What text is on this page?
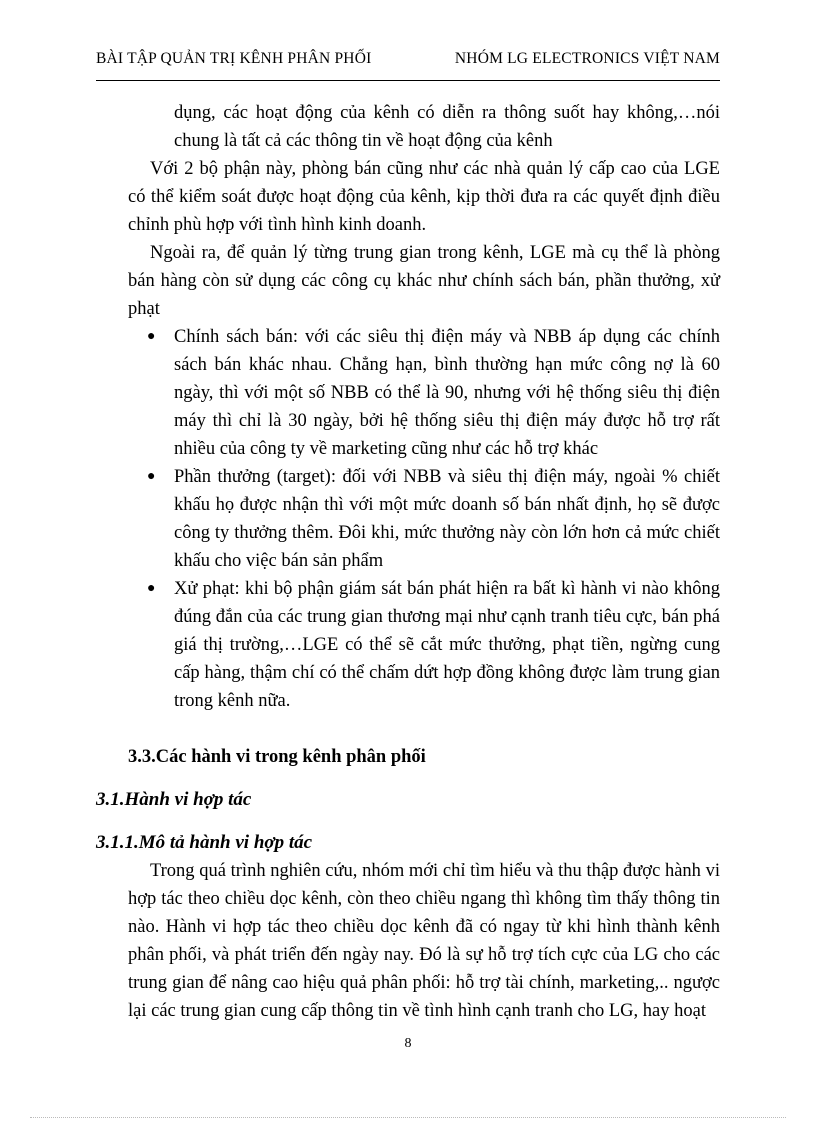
BÀI TẬP QUẢN TRỊ KÊNH PHÂN PHỐI	NHÓM LG ELECTRONICS VIỆT NAM

dụng, các hoạt động của kênh có diễn ra thông suốt hay không,…nói chung là tất cả các thông tin về hoạt động của kênh

Với 2 bộ phận này, phòng bán cũng như các nhà quản lý cấp cao của LGE có thể kiểm soát được hoạt động của kênh, kịp thời đưa ra các quyết định điều chỉnh phù hợp với tình hình kinh doanh.

Ngoài ra, để quản lý từng trung gian trong kênh, LGE mà cụ thể là phòng bán hàng còn sử dụng các công cụ khác như chính sách bán, phần thưởng, xử phạt

● Chính sách bán: với các siêu thị điện máy và NBB áp dụng các chính sách bán khác nhau. Chẳng hạn, bình thường hạn mức công nợ là 60 ngày, thì với một số NBB có thể là 90, nhưng với hệ thống siêu thị điện máy thì chỉ là 30 ngày, bởi hệ thống siêu thị điện máy được hỗ trợ rất nhiều của công ty về marketing cũng như các hỗ trợ khác
● Phần thưởng (target): đối với NBB và siêu thị điện máy, ngoài % chiết khấu họ được nhận thì với một mức doanh số bán nhất định, họ sẽ được công ty thưởng thêm. Đôi khi, mức thưởng này còn lớn hơn cả mức chiết khấu cho việc bán sản phẩm
● Xử phạt: khi bộ phận giám sát bán phát hiện ra bất kì hành vi nào không đúng đắn của các trung gian thương mại như cạnh tranh tiêu cực, bán phá giá thị trường,…LGE có thể sẽ cắt mức thưởng, phạt tiền, ngừng cung cấp hàng, thậm chí có thể chấm dứt hợp đồng không được làm trung gian trong kênh nữa.
3.3.Các hành vi trong kênh phân phối
3.1.Hành vi hợp tác
3.1.1.Mô tả hành vi hợp tác

Trong quá trình nghiên cứu, nhóm mới chỉ tìm hiểu và thu thập được hành vi hợp tác theo chiều dọc kênh, còn theo chiều ngang thì không tìm thấy thông tin nào. Hành vi hợp tác theo chiều dọc kênh đã có ngay từ khi hình thành kênh phân phối, và phát triển đến ngày nay. Đó là sự hỗ trợ tích cực của LG cho các trung gian để nâng cao hiệu quả phân phối: hỗ trợ tài chính, marketing,.. ngược lại các trung gian cung cấp thông tin về tình hình cạnh tranh cho LG, hay hoạt

8
